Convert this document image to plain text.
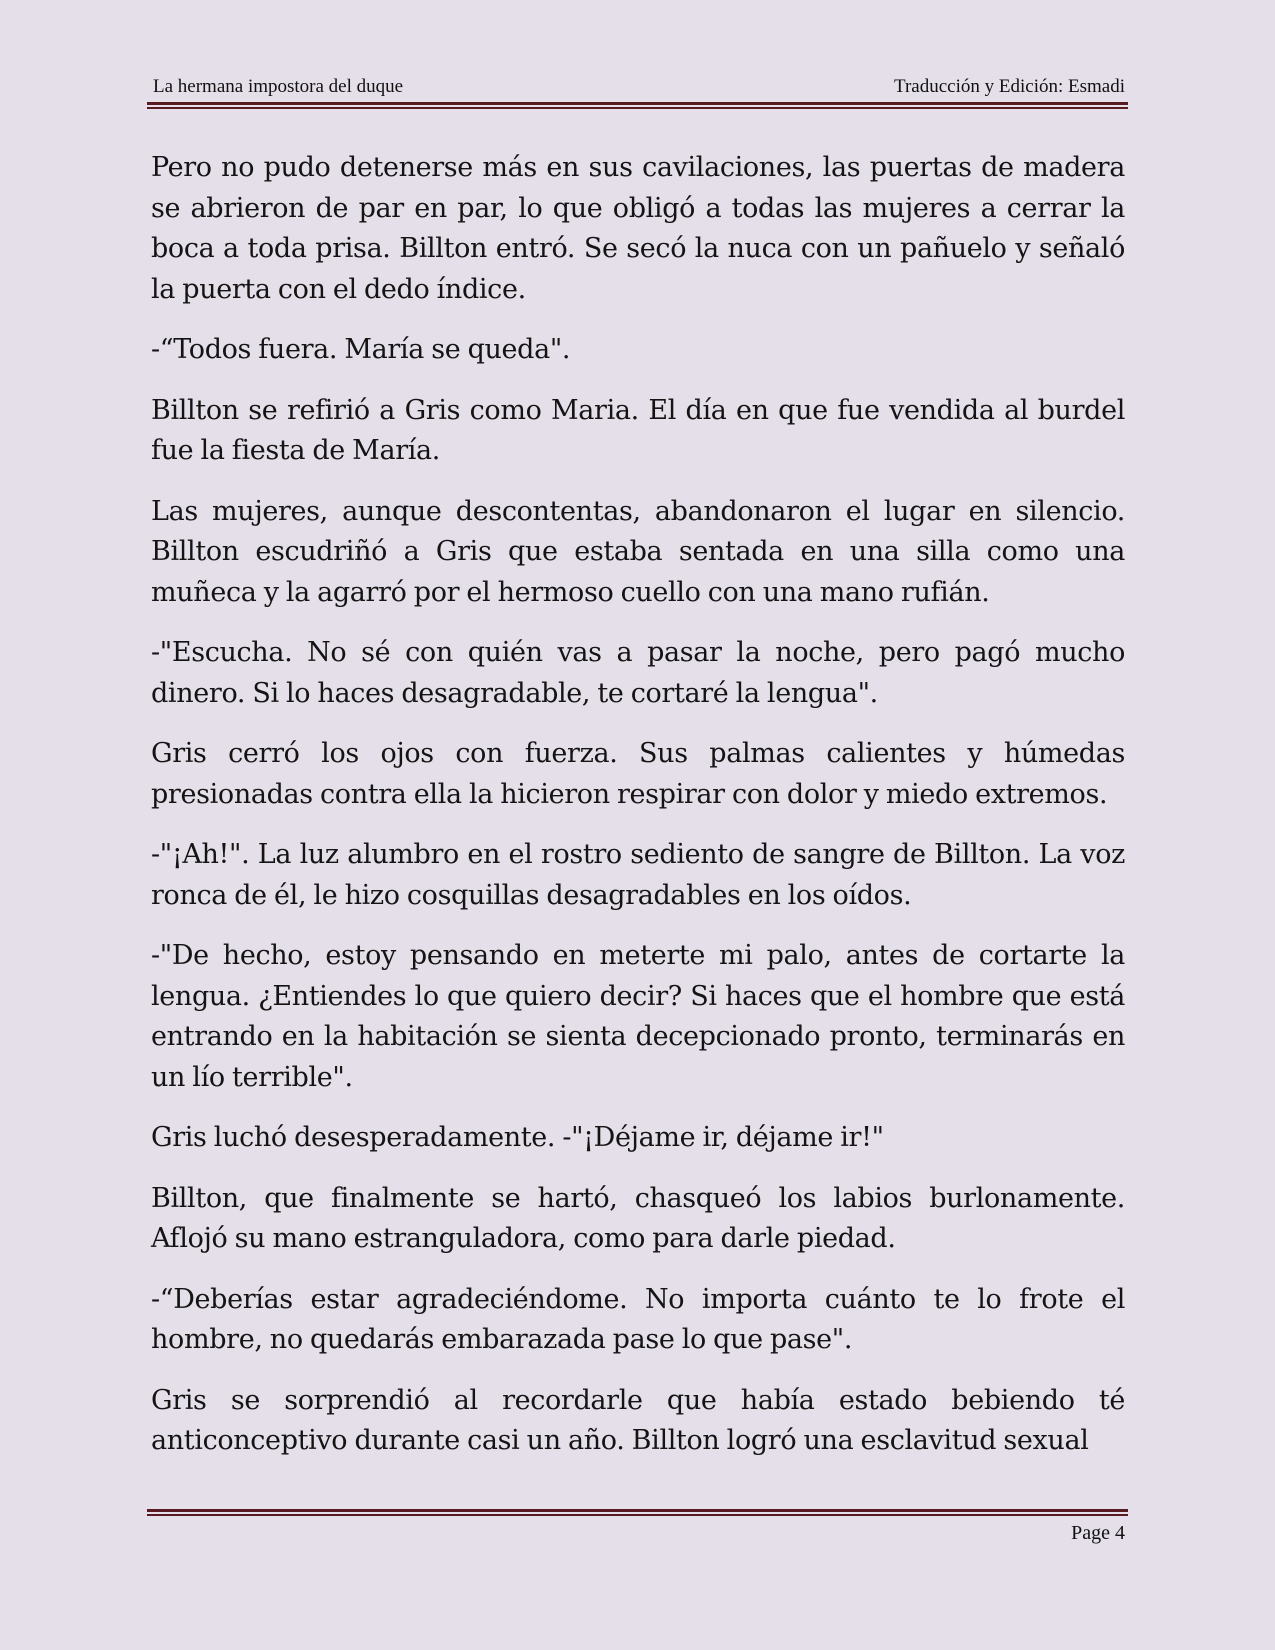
La hermana impostora del duque	Traducción y Edición: Esmadi

Pero no pudo detenerse más en sus cavilaciones, las puertas de madera se abrieron de par en par, lo que obligó a todas las mujeres a cerrar la boca a toda prisa. Billton entró. Se secó la nuca con un pañuelo y señaló la puerta con el dedo índice.

-“Todos fuera. María se queda".

Billton se refirió a Gris como Maria. El día en que fue vendida al burdel fue la fiesta de María.

Las mujeres, aunque descontentas, abandonaron el lugar en silencio. Billton escudriñó a Gris que estaba sentada en una silla como una muñeca y la agarró por el hermoso cuello con una mano rufián.

-"Escucha. No sé con quién vas a pasar la noche, pero pagó mucho dinero. Si lo haces desagradable, te cortaré la lengua".

Gris cerró los ojos con fuerza. Sus palmas calientes y húmedas presionadas contra ella la hicieron respirar con dolor y miedo extremos.

-"¡Ah!". La luz alumbro en el rostro sediento de sangre de Billton. La voz ronca de él, le hizo cosquillas desagradables en los oídos.

-"De hecho, estoy pensando en meterte mi palo, antes de cortarte la lengua. ¿Entiendes lo que quiero decir? Si haces que el hombre que está entrando en la habitación se sienta decepcionado pronto, terminarás en un lío terrible".

Gris luchó desesperadamente. -"¡Déjame ir, déjame ir!"

Billton, que finalmente se hartó, chasqueó los labios burlonamente. Aflojó su mano estranguladora, como para darle piedad.

-“Deberías estar agradeciéndome. No importa cuánto te lo frote el hombre, no quedarás embarazada pase lo que pase".

Gris se sorprendió al recordarle que había estado bebiendo té anticonceptivo durante casi un año. Billton logró una esclavitud sexual

Page 4
